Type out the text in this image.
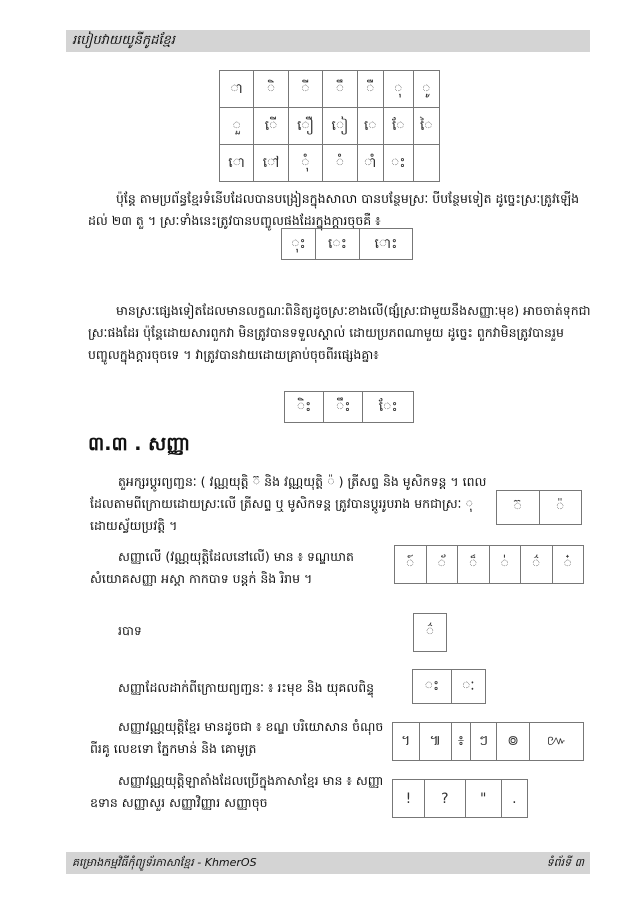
របៀបវាយយូនីកូដខ្មែរ
ា	ិ	ី	ឹ	ឺ	ុ	ូ
ួ	ើ	ឿ	ៀ	េ	ែ	ៃ
ោ	ៅ	ុំ	ំ	ាំ	ះ	
ប៉ុន្តែ តាមប្រព័ន្ធខ្មែរទំនើបដែលបានបង្រៀនក្នុងសាលា បានបន្ថែមស្រៈ បីបន្ថែមទៀត ដូច្នេះស្រៈត្រូវឡើងដល់ ២៣ តួ ។ ស្រៈទាំងនេះត្រូវបានបញ្ចូលផងដែរក្នុងក្តារចុចគឺ ៖
ុះ	េះ	ោះ
មានស្រៈផ្សេងទៀតដែលមានលក្ខណៈពិនិត្យដូចស្រៈខាងលើ(ផ្សំស្រៈជាមួយនឹងសញ្ញាៈមុខ) អាចចាត់ទុកជាស្រៈផងដែរ ប៉ុន្តែដោយសារពួកវា មិនត្រូវបានទទួលស្គាល់ ដោយប្រភពណាមួយ ដូច្នេះ ពួកវាមិនត្រូវបានរួមបញ្ចូលក្នុងក្តារចុចទេ ។ វាត្រូវបានវាយដោយគ្រាប់ចុចពីរផ្សេងគ្នា៖
ិះ	ឹះ	ែះ
៣.៣ . សញ្ញា
តួអក្សរប្តូរព្យញ្ជនៈ ( វណ្ណយុត្តិ ៊ និង វណ្ណយុត្តិ ៉ ) ត្រីសព្ទ និង មូសិកទន្ត ។ ពេលដែលតាមពីក្រោយដោយស្រៈលើ ត្រីសព្ទ ឬ មូសិកទន្ត ត្រូវបានប្តូររូបរាង មកជាស្រៈ ុ ដោយស្វ័យប្រវត្តិ ។
៊	៉
សញ្ញាលើ (វណ្ណយុត្តិដែលនៅលើ) មាន ៖ ទណ្ឌឃាត សំយោគសញ្ញា អស្តា កាកបាទ បន្តក់ និង រិរាម ។
៍	័	៏	់	៌	៎
របាទ	៌
សញ្ញាដែលដាក់ពីក្រោយព្យញ្ជនៈ ៖ រះមុខ និង យុគលពិន្ទុ	ះ	ៈ
សញ្ញាវណ្ណយុត្តិខ្មែរ មានដូចជា ៖ ខណ្ឌ បរិយោសាន ចំណុចពីរគូ លេខទោ ភ្នែកមាន់ និង គោមូត្រ	។	៕	៖	ៗ	៙	៚
សញ្ញាវណ្ណយុត្តិឡាតាំងដែលប្រើក្នុងភាសាខ្មែរ មាន ៖ សញ្ញាឧទាន សញ្ញាសួរ សញ្ញាវិញ្ញារ សញ្ញាចុច	!	?	"	.
គម្រោងកម្មវិធីកុំព្យូទ័រភាសាខ្មែរ - KhmerOS	ទំព័រទី ៣
